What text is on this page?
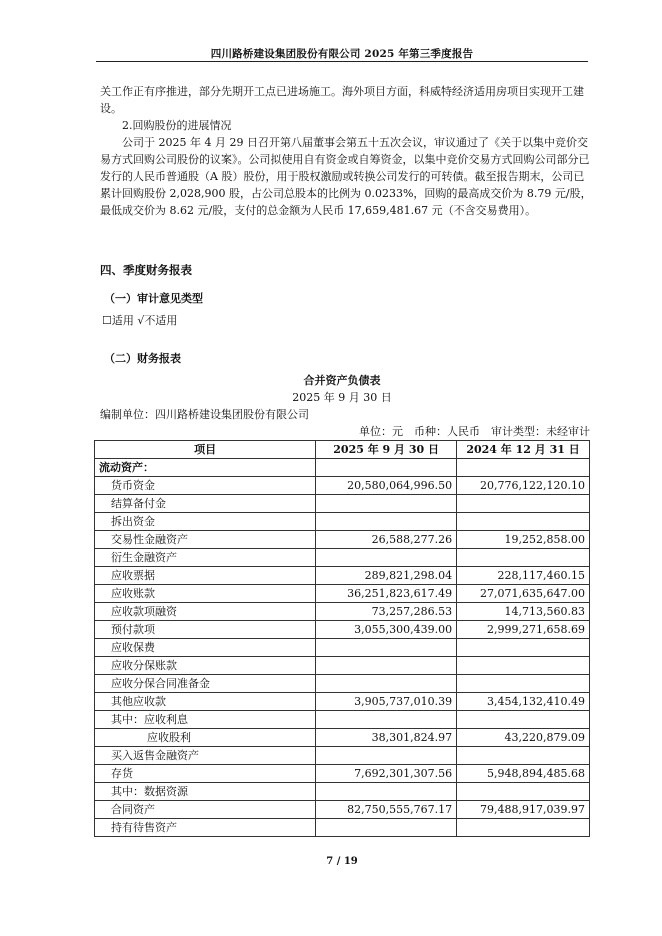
四川路桥建设集团股份有限公司 2025 年第三季度报告
关工作正有序推进，部分先期开工点已进场施工。海外项目方面，科威特经济适用房项目实现开工建设。
2.回购股份的进展情况
公司于 2025 年 4 月 29 日召开第八届董事会第五十五次会议，审议通过了《关于以集中竞价交易方式回购公司股份的议案》。公司拟使用自有资金或自筹资金，以集中竞价交易方式回购公司部分已发行的人民币普通股（A 股）股份，用于股权激励或转换公司发行的可转债。截至报告期末，公司已累计回购股份 2,028,900 股，占公司总股本的比例为 0.0233%，回购的最高成交价为 8.79 元/股，最低成交价为 8.62 元/股，支付的总金额为人民币 17,659,481.67 元（不含交易费用）。
四、季度财务报表
（一）审计意见类型
☐适用 √不适用
（二）财务报表
合并资产负债表
2025 年 9 月 30 日
编制单位：四川路桥建设集团股份有限公司
单位：元　币种：人民币　审计类型：未经审计
项目	2025 年 9 月 30 日	2024 年 12 月 31 日
流动资产：		
货币资金	20,580,064,996.50	20,776,122,120.10
结算备付金		
拆出资金		
交易性金融资产	26,588,277.26	19,252,858.00
衍生金融资产		
应收票据	289,821,298.04	228,117,460.15
应收账款	36,251,823,617.49	27,071,635,647.00
应收款项融资	73,257,286.53	14,713,560.83
预付款项	3,055,300,439.00	2,999,271,658.69
应收保费		
应收分保账款		
应收分保合同准备金		
其他应收款	3,905,737,010.39	3,454,132,410.49
其中：应收利息		
应收股利	38,301,824.97	43,220,879.09
买入返售金融资产		
存货	7,692,301,307.56	5,948,894,485.68
其中：数据资源		
合同资产	82,750,555,767.17	79,488,917,039.97
持有待售资产		
7 / 19
